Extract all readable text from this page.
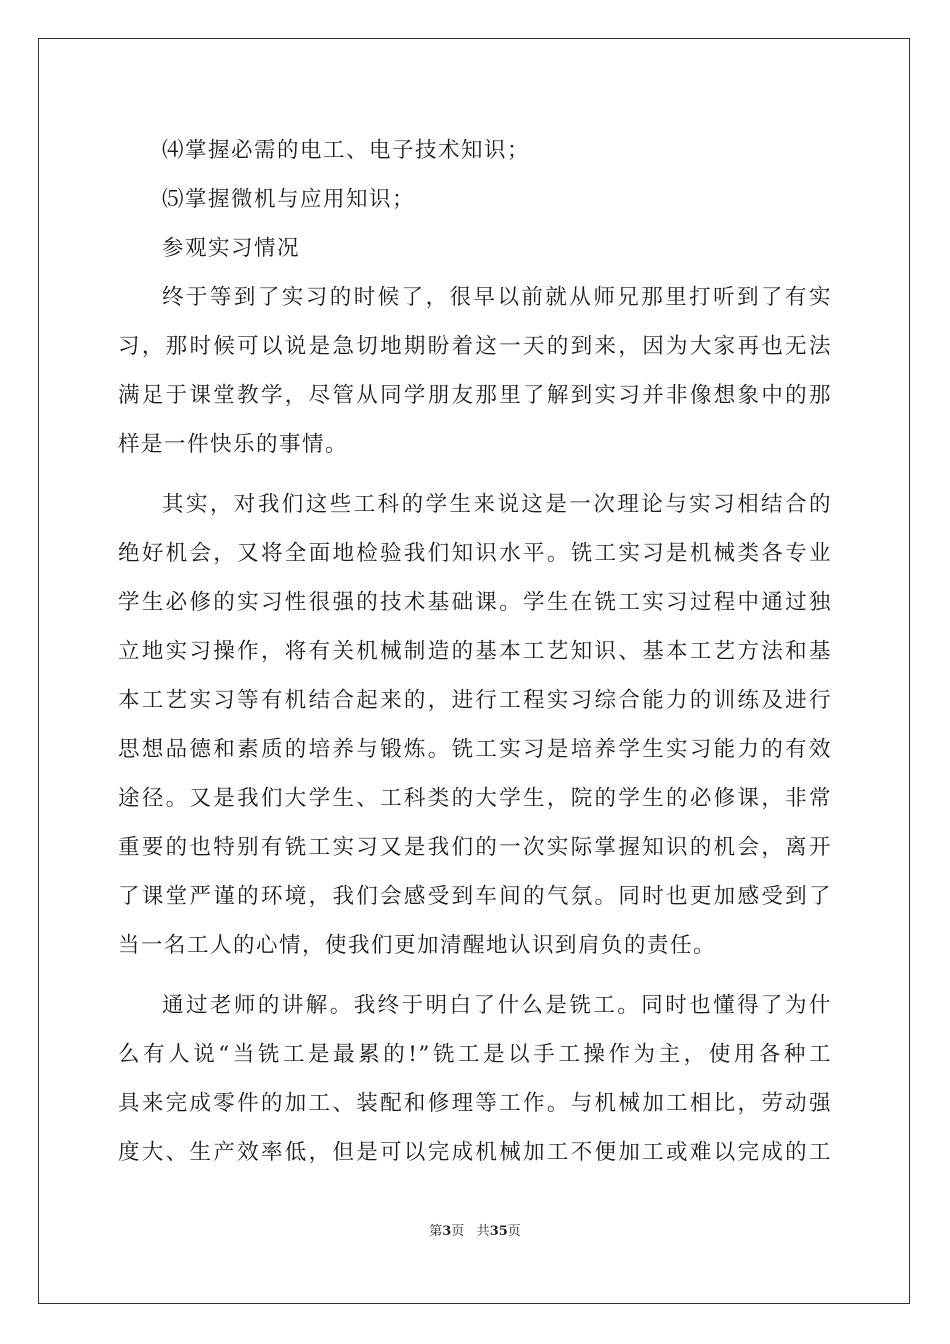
⑷掌握必需的电工、电子技术知识；
⑸掌握微机与应用知识；
参观实习情况
终于等到了实习的时候了，很早以前就从师兄那里打听到了有实
习，那时候可以说是急切地期盼着这一天的到来，因为大家再也无法
满足于课堂教学，尽管从同学朋友那里了解到实习并非像想象中的那
样是一件快乐的事情。
其实，对我们这些工科的学生来说这是一次理论与实习相结合的
绝好机会，又将全面地检验我们知识水平。铣工实习是机械类各专业
学生必修的实习性很强的技术基础课。学生在铣工实习过程中通过独
立地实习操作，将有关机械制造的基本工艺知识、基本工艺方法和基
本工艺实习等有机结合起来的，进行工程实习综合能力的训练及进行
思想品德和素质的培养与锻炼。铣工实习是培养学生实习能力的有效
途径。又是我们大学生、工科类的大学生，院的学生的必修课，非常
重要的也特别有铣工实习又是我们的一次实际掌握知识的机会，离开
了课堂严谨的环境，我们会感受到车间的气氛。同时也更加感受到了
当一名工人的心情，使我们更加清醒地认识到肩负的责任。
通过老师的讲解。我终于明白了什么是铣工。同时也懂得了为什
么有人说“当铣工是最累的!”铣工是以手工操作为主，使用各种工
具来完成零件的加工、装配和修理等工作。与机械加工相比，劳动强
度大、生产效率低，但是可以完成机械加工不便加工或难以完成的工
第3页 共35页
